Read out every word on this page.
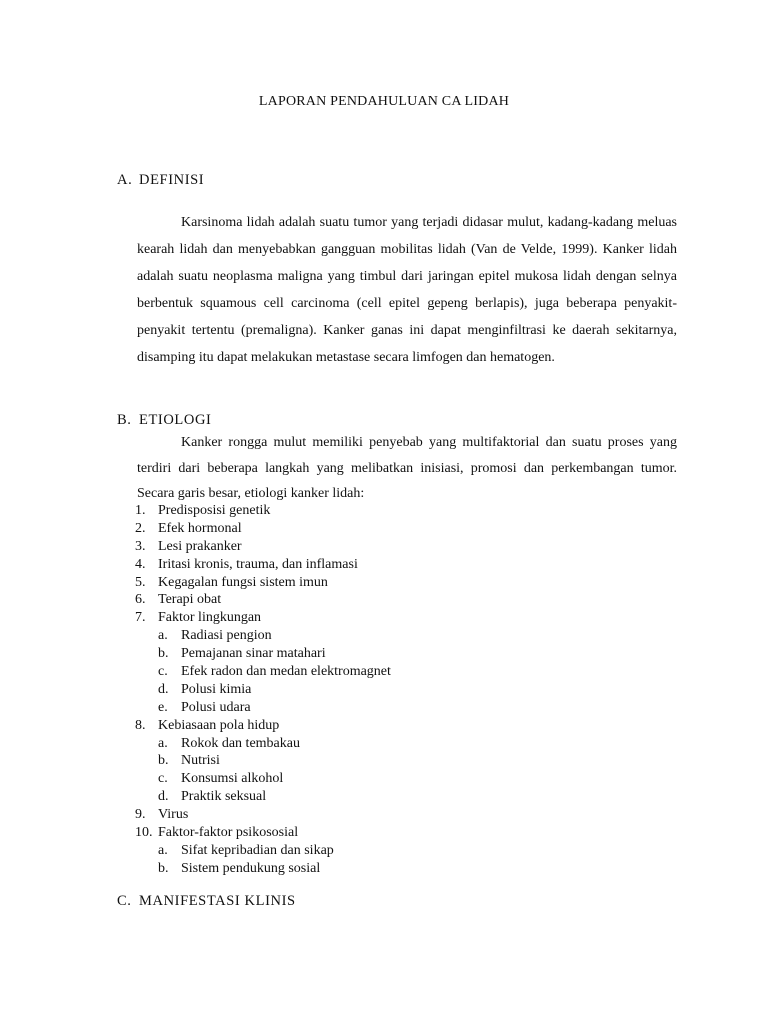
LAPORAN PENDAHULUAN CA LIDAH
A. DEFINISI

Karsinoma lidah adalah suatu tumor yang terjadi didasar mulut, kadang-kadang meluas kearah lidah dan menyebabkan gangguan mobilitas lidah (Van de Velde, 1999). Kanker lidah adalah suatu neoplasma maligna yang timbul dari jaringan epitel mukosa lidah dengan selnya berbentuk squamous cell carcinoma (cell epitel gepeng berlapis), juga beberapa penyakit-penyakit tertentu (premaligna). Kanker ganas ini dapat menginfiltrasi ke daerah sekitarnya, disamping itu dapat melakukan metastase secara limfogen dan hematogen.

B. ETIOLOGI

Kanker rongga mulut memiliki penyebab yang multifaktorial dan suatu proses yang terdiri dari beberapa langkah yang melibatkan inisiasi, promosi dan perkembangan tumor. Secara garis besar, etiologi kanker lidah:

1. Predisposisi genetik
2. Efek hormonal
3. Lesi prakanker
4. Iritasi kronis, trauma, dan inflamasi
5. Kegagalan fungsi sistem imun
6. Terapi obat
7. Faktor lingkungan
a. Radiasi pengion
b. Pemajanan sinar matahari
c. Efek radon dan medan elektromagnet
d. Polusi kimia
e. Polusi udara
8. Kebiasaan pola hidup
a. Rokok dan tembakau
b. Nutrisi
c. Konsumsi alkohol
d. Praktik seksual
9. Virus
10. Faktor-faktor psikososial
a. Sifat kepribadian dan sikap
b. Sistem pendukung sosial
C. MANIFESTASI KLINIS
